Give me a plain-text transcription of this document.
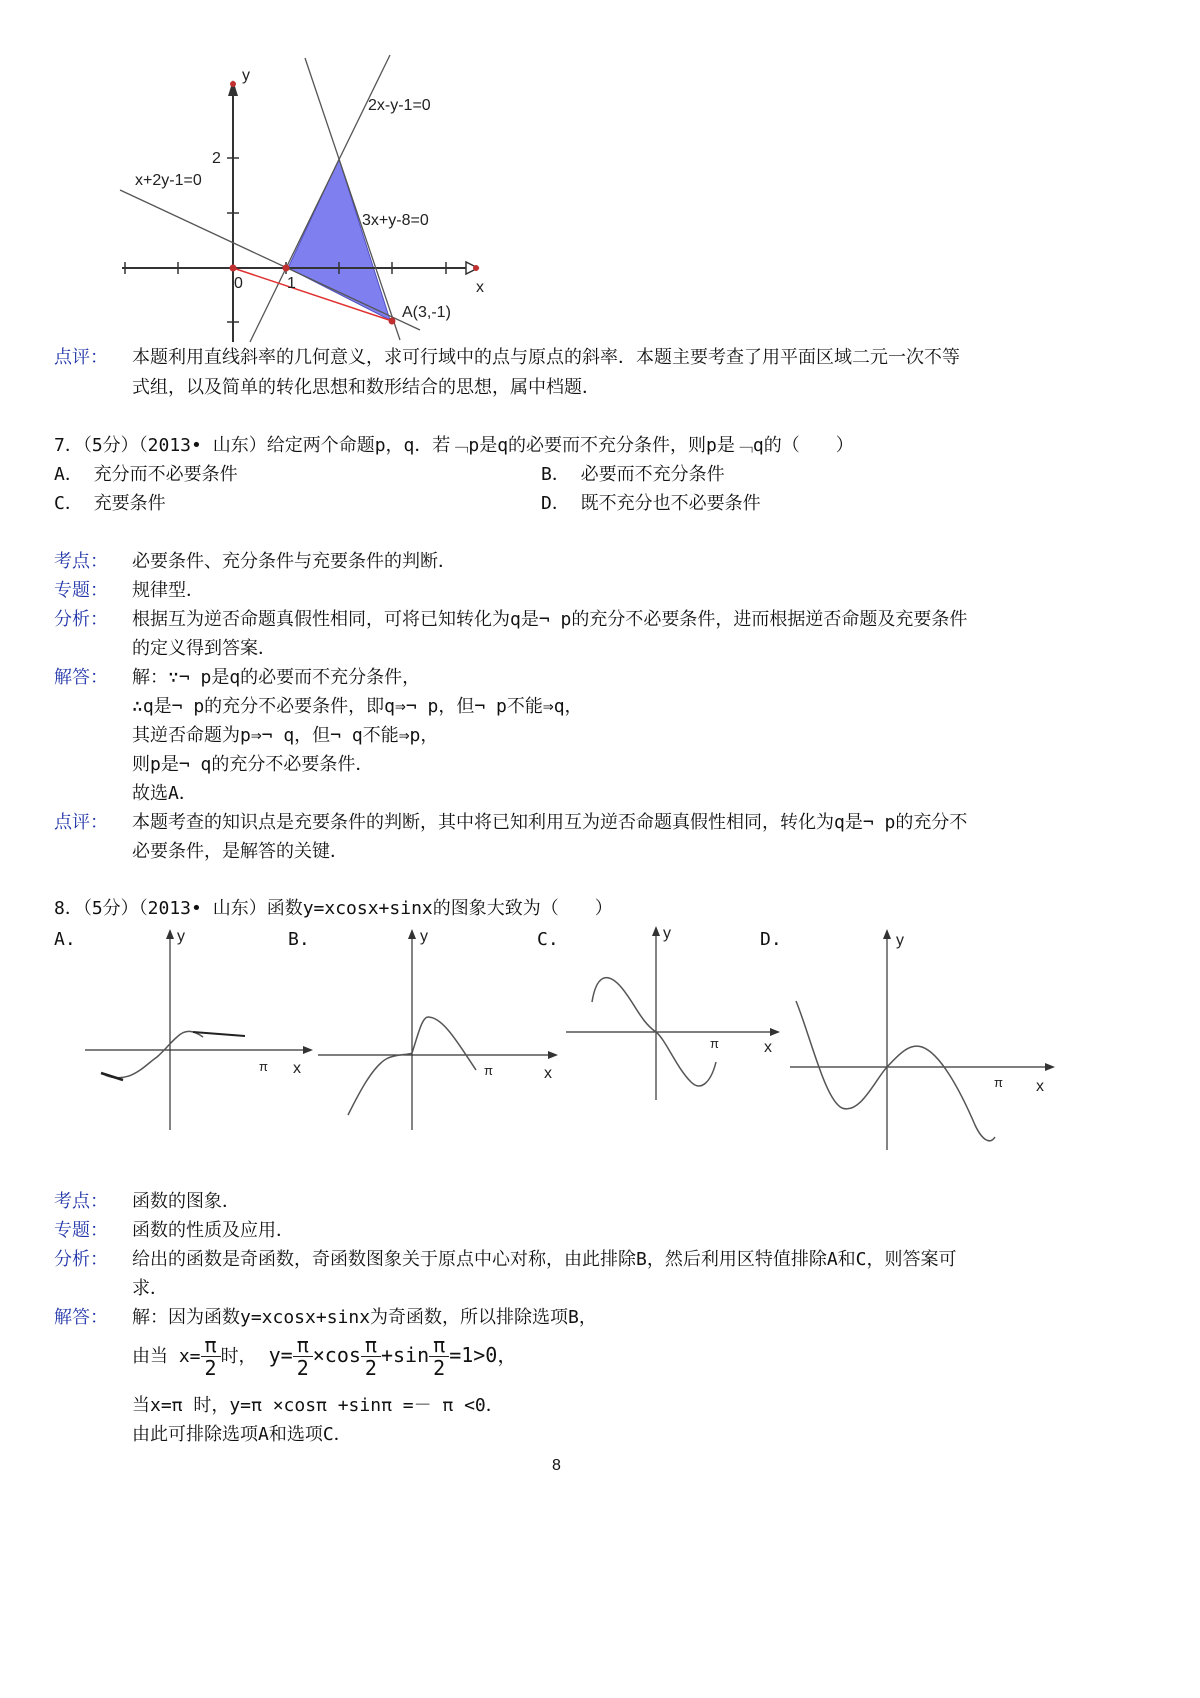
y
x
0	1
2
2x-y-1=0
x+2y-1=0
3x+y-8=0
A(3,-1)
点评： 本题利用直线斜率的几何意义，求可行域中的点与原点的斜率．本题主要考查了用平面区域二元一次不等
式组，以及简单的转化思想和数形结合的思想，属中档题．
7．（5分）（2013• 山东）给定两个命题p，q．若﹁p是q的必要而不充分条件，则p是﹁q的（　　）
A． 充分而不必要条件	B． 必要而不充分条件
C． 充要条件	D． 既不充分也不必要条件
考点： 必要条件、充分条件与充要条件的判断．
专题： 规律型．
分析： 根据互为逆否命题真假性相同，可将已知转化为q是¬ p的充分不必要条件，进而根据逆否命题及充要条件
的定义得到答案．
解答： 解：∵¬ p是q的必要而不充分条件，
∴q是¬ p的充分不必要条件，即q⇒¬ p，但¬ p不能⇒q，
其逆否命题为p⇒¬ q，但¬ q不能⇒p，
则p是¬ q的充分不必要条件．
故选A．
点评： 本题考查的知识点是充要条件的判断，其中将已知利用互为逆否命题真假性相同，转化为q是¬ p的充分不
必要条件，是解答的关键．
8．（5分）（2013• 山东）函数y=xcosx+sinx的图象大致为（　　）
A.	B.	C.	D.
y
x
π
y
x
π
y
x
π
y
x
π
考点： 函数的图象．
专题： 函数的性质及应用．
分析： 给出的函数是奇函数，奇函数图象关于原点中心对称，由此排除B，然后利用区特值排除A和C，则答案可
求．
解答： 解：因为函数y=xcosx+sinx为奇函数，所以排除选项B，
由当 $x= \frac{\pi}{2}$ 时， $y= \frac{\pi}{2} \times\cos \frac{\pi}{2} +\sin \frac{\pi}{2} =1>0$，
当x=π 时，y=π ×cosπ +sinπ =－ π <0．
由此可排除选项A和选项C．
8
